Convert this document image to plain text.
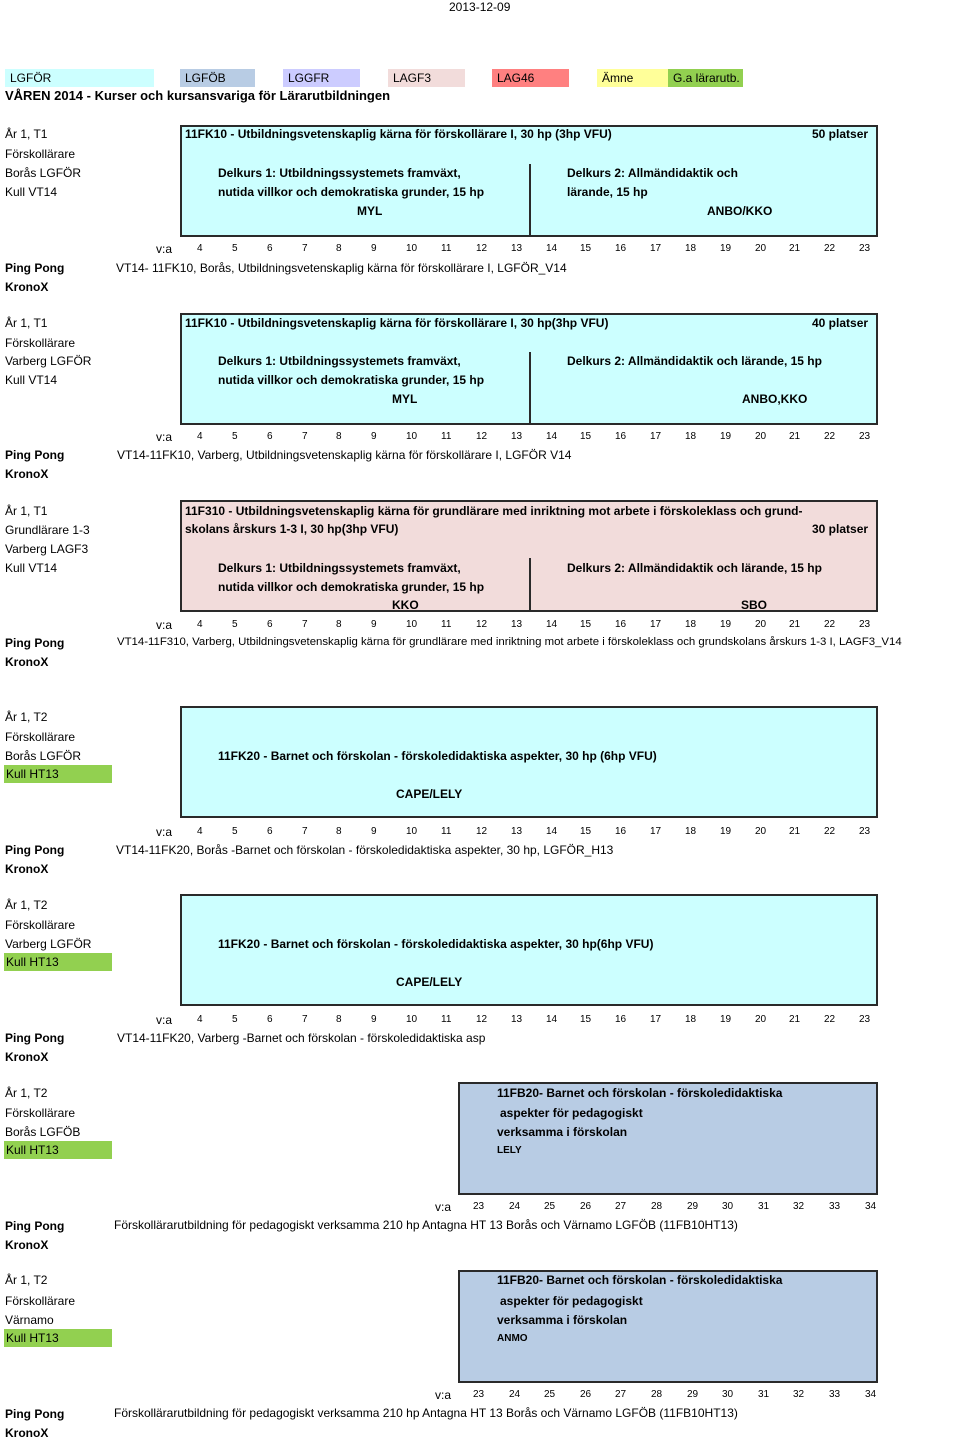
2013-12-09
LGFÖR	LGFÖB	LGGFR	LAGF3	LAG46	Ämne	G.a lärarutb.
VÅREN 2014 - Kurser och kursansvariga för Lärarutbildningen
År 1, T1
Förskollärare
Borås LGFÖR
Kull VT14
11FK10 - Utbildningsvetenskaplig kärna för förskollärare I, 30 hp (3hp VFU)	50 platser
Delkurs 1: Utbildningssystemets framväxt,
nutida villkor och demokratiska grunder, 15 hp
MYL
Delkurs 2: Allmändidaktik och
lärande, 15 hp
ANBO/KKO
v:a 4	5	6	7	8	9	10 11 12 13 14 15 16 17 18 19 20 21 22 23
Ping Pong
KronoX
VT14- 11FK10, Borås, Utbildningsvetenskaplig kärna för förskollärare I, LGFÖR_V14
År 1, T1
Förskollärare
Varberg LGFÖR
Kull VT14
11FK10 - Utbildningsvetenskaplig kärna för förskollärare I, 30 hp(3hp VFU)	40 platser
Delkurs 1: Utbildningssystemets framväxt,
nutida villkor och demokratiska grunder, 15 hp
MYL
Delkurs 2: Allmändidaktik och lärande, 15 hp
ANBO,KKO
v:a 4	5	6	7	8	9	10 11 12 13 14 15 16 17 18 19 20 21 22 23
Ping Pong
KronoX
VT14-11FK10, Varberg, Utbildningsvetenskaplig kärna för förskollärare I, LGFÖR V14
År 1, T1
Grundlärare 1-3
Varberg LAGF3
Kull VT14
11F310 - Utbildningsvetenskaplig kärna för grundlärare med inriktning mot arbete i förskoleklass och grund-
skolans årskurs 1-3 I, 30 hp(3hp VFU)	30 platser
Delkurs 1: Utbildningssystemets framväxt,
nutida villkor och demokratiska grunder, 15 hp
KKO
Delkurs 2: Allmändidaktik och lärande, 15 hp
SBO
v:a 4	5	6	7	8	9	10 11 12 13 14 15 16 17 18 19 20 21 22 23
Ping Pong
KronoX
VT14-11F310, Varberg, Utbildningsvetenskaplig kärna för grundlärare med inriktning mot arbete i förskoleklass och grundskolans årskurs 1-3 I, LAGF3_V14
År 1, T2
Förskollärare
Borås LGFÖR
Kull HT13
11FK20 - Barnet och förskolan - förskoledidaktiska aspekter, 30 hp (6hp VFU)
CAPE/LELY
v:a 4	5	6	7	8	9	10 11 12 13 14 15 16 17 18 19 20 21 22 23
Ping Pong
KronoX
VT14-11FK20, Borås -Barnet och förskolan - förskoledidaktiska aspekter, 30 hp, LGFÖR_H13
År 1, T2
Förskollärare
Varberg LGFÖR
Kull HT13
11FK20 - Barnet och förskolan - förskoledidaktiska aspekter, 30 hp(6hp VFU)
CAPE/LELY
v:a 4	5	6	7	8	9	10 11 12 13 14 15 16 17 18 19 20 21 22 23
Ping Pong
KronoX
VT14-11FK20, Varberg -Barnet och förskolan - förskoledidaktiska asp
År 1, T2
Förskollärare
Borås LGFÖB
Kull HT13
11FB20- Barnet och förskolan - förskoledidaktiska
aspekter för pedagogiskt
verksamma i förskolan
LELY
v:a 23 24 25 26 27 28 29 30 31 32 33 34
Ping Pong
KronoX
Förskollärarutbildning för pedagogiskt verksamma 210 hp Antagna HT 13 Borås och Värnamo LGFÖB (11FB10HT13)
År 1, T2
Förskollärare
Värnamo
Kull HT13
11FB20- Barnet och förskolan - förskoledidaktiska
aspekter för pedagogiskt
verksamma i förskolan
ANMO
v:a 23 24 25 26 27 28 29 30 31 32 33 34
Ping Pong
KronoX
Förskollärarutbildning för pedagogiskt verksamma 210 hp Antagna HT 13 Borås och Värnamo LGFÖB (11FB10HT13)
